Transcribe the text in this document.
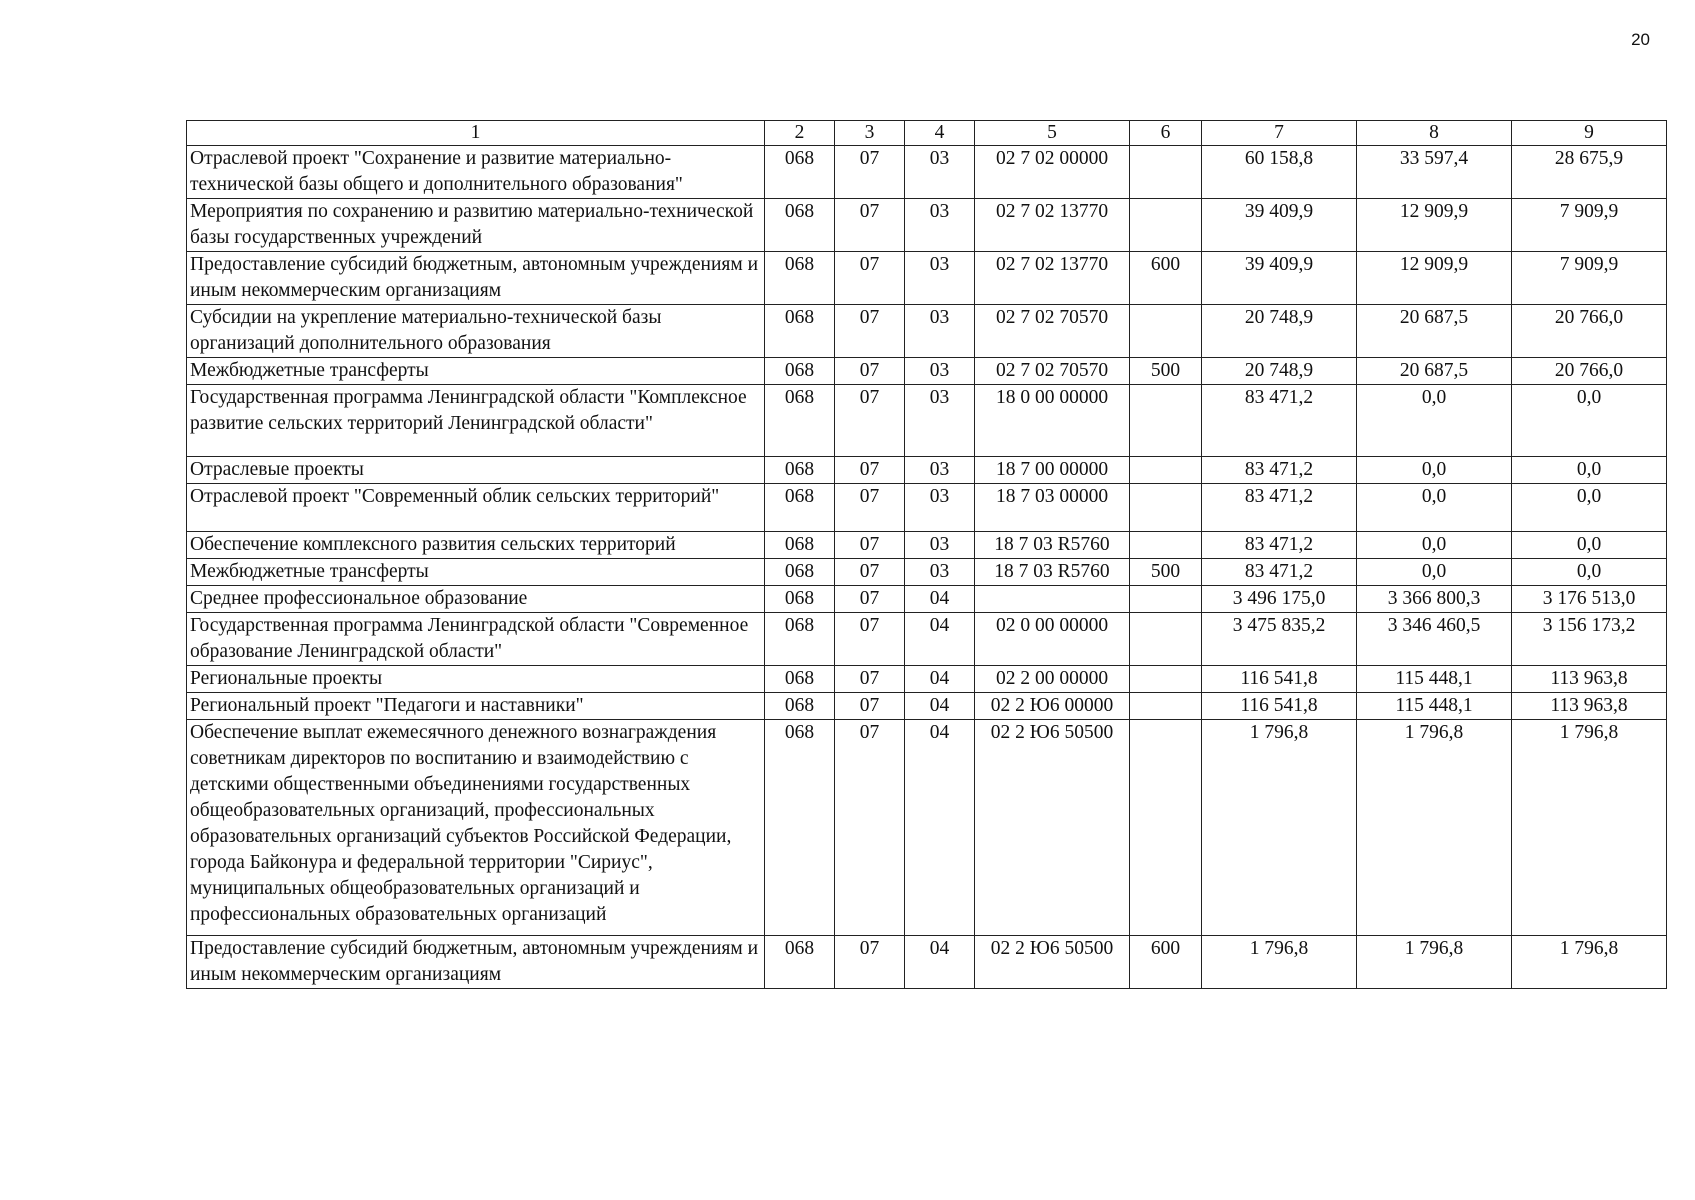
20
1	2	3	4	5	6	7	8	9
Отраслевой проект "Сохранение и развитие материально-технической базы общего и дополнительного образования"	068	07	03	02 7 02 00000		60 158,8	33 597,4	28 675,9
Мероприятия по сохранению и развитию материально-технической базы государственных учреждений	068	07	03	02 7 02 13770		39 409,9	12 909,9	7 909,9
Предоставление субсидий бюджетным, автономным учреждениям и иным некоммерческим организациям	068	07	03	02 7 02 13770	600	39 409,9	12 909,9	7 909,9
Субсидии на укрепление материально-технической базы организаций дополнительного образования	068	07	03	02 7 02 70570		20 748,9	20 687,5	20 766,0
Межбюджетные трансферты	068	07	03	02 7 02 70570	500	20 748,9	20 687,5	20 766,0
Государственная программа Ленинградской области "Комплексное развитие сельских территорий Ленинградской области"	068	07	03	18 0 00 00000		83 471,2	0,0	0,0
Отраслевые проекты	068	07	03	18 7 00 00000		83 471,2	0,0	0,0
Отраслевой проект "Современный облик сельских территорий"	068	07	03	18 7 03 00000		83 471,2	0,0	0,0
Обеспечение комплексного развития сельских территорий	068	07	03	18 7 03 R5760		83 471,2	0,0	0,0
Межбюджетные трансферты	068	07	03	18 7 03 R5760	500	83 471,2	0,0	0,0
Среднее профессиональное образование	068	07	04			3 496 175,0	3 366 800,3	3 176 513,0
Государственная программа Ленинградской области "Современное образование Ленинградской области"	068	07	04	02 0 00 00000		3 475 835,2	3 346 460,5	3 156 173,2
Региональные проекты	068	07	04	02 2 00 00000		116 541,8	115 448,1	113 963,8
Региональный проект "Педагоги и наставники"	068	07	04	02 2 Ю6 00000		116 541,8	115 448,1	113 963,8
Обеспечение выплат ежемесячного денежного вознаграждения советникам директоров по воспитанию и взаимодействию с детскими общественными объединениями государственных общеобразовательных организаций, профессиональных образовательных организаций субъектов Российской Федерации, города Байконура и федеральной территории "Сириус", муниципальных общеобразовательных организаций и профессиональных образовательных организаций	068	07	04	02 2 Ю6 50500		1 796,8	1 796,8	1 796,8
Предоставление субсидий бюджетным, автономным учреждениям и иным некоммерческим организациям	068	07	04	02 2 Ю6 50500	600	1 796,8	1 796,8	1 796,8
